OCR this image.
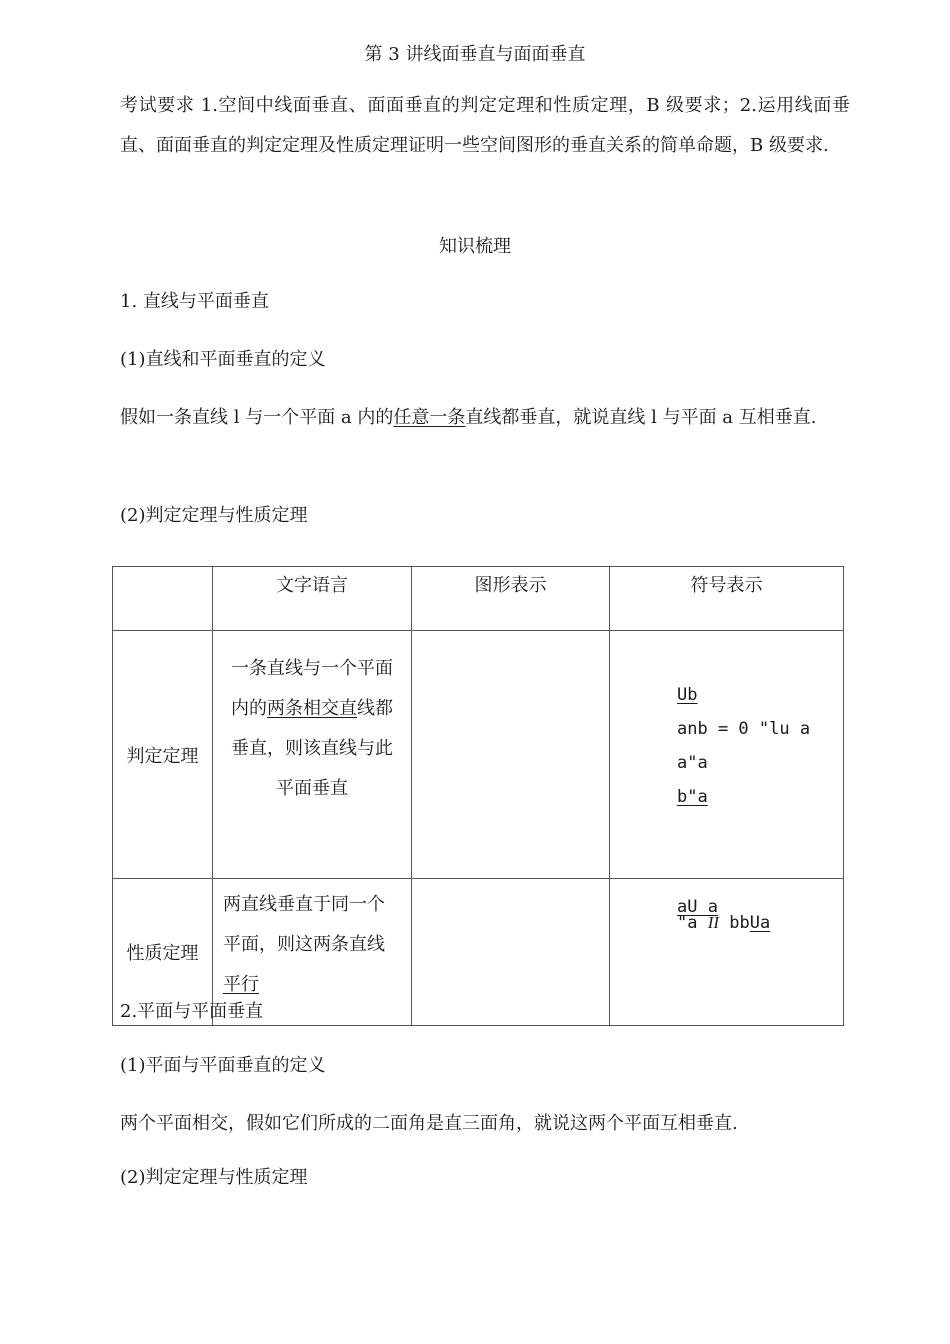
第 3 讲线面垂直与面面垂直
考试要求 1.空间中线面垂直、面面垂直的判定定理和性质定理，B 级要求；2.运用线面垂直、面面垂直的判定定理及性质定理证明一些空间图形的垂直关系的简单命题，B 级要求.
知识梳理
1. 直线与平面垂直
(1)直线和平面垂直的定义
假如一条直线 l 与一个平面 a 内的任意一条直线都垂直，就说直线 l 与平面 a 互相垂直.
(2)判定定理与性质定理
	文字语言	图形表示	符号表示
判定定理	一条直线与一个平面内的两条相交直线都垂直，则该直线与此平面垂直		Ub
anb = 0 "lu a
a"a
b"a

性质定理	两直线垂直于同一个平面，则这两条直线平行		aU a
"a II bbUa
2.平面与平面垂直
(1)平面与平面垂直的定义
两个平面相交，假如它们所成的二面角是直三面角，就说这两个平面互相垂直.
(2)判定定理与性质定理
